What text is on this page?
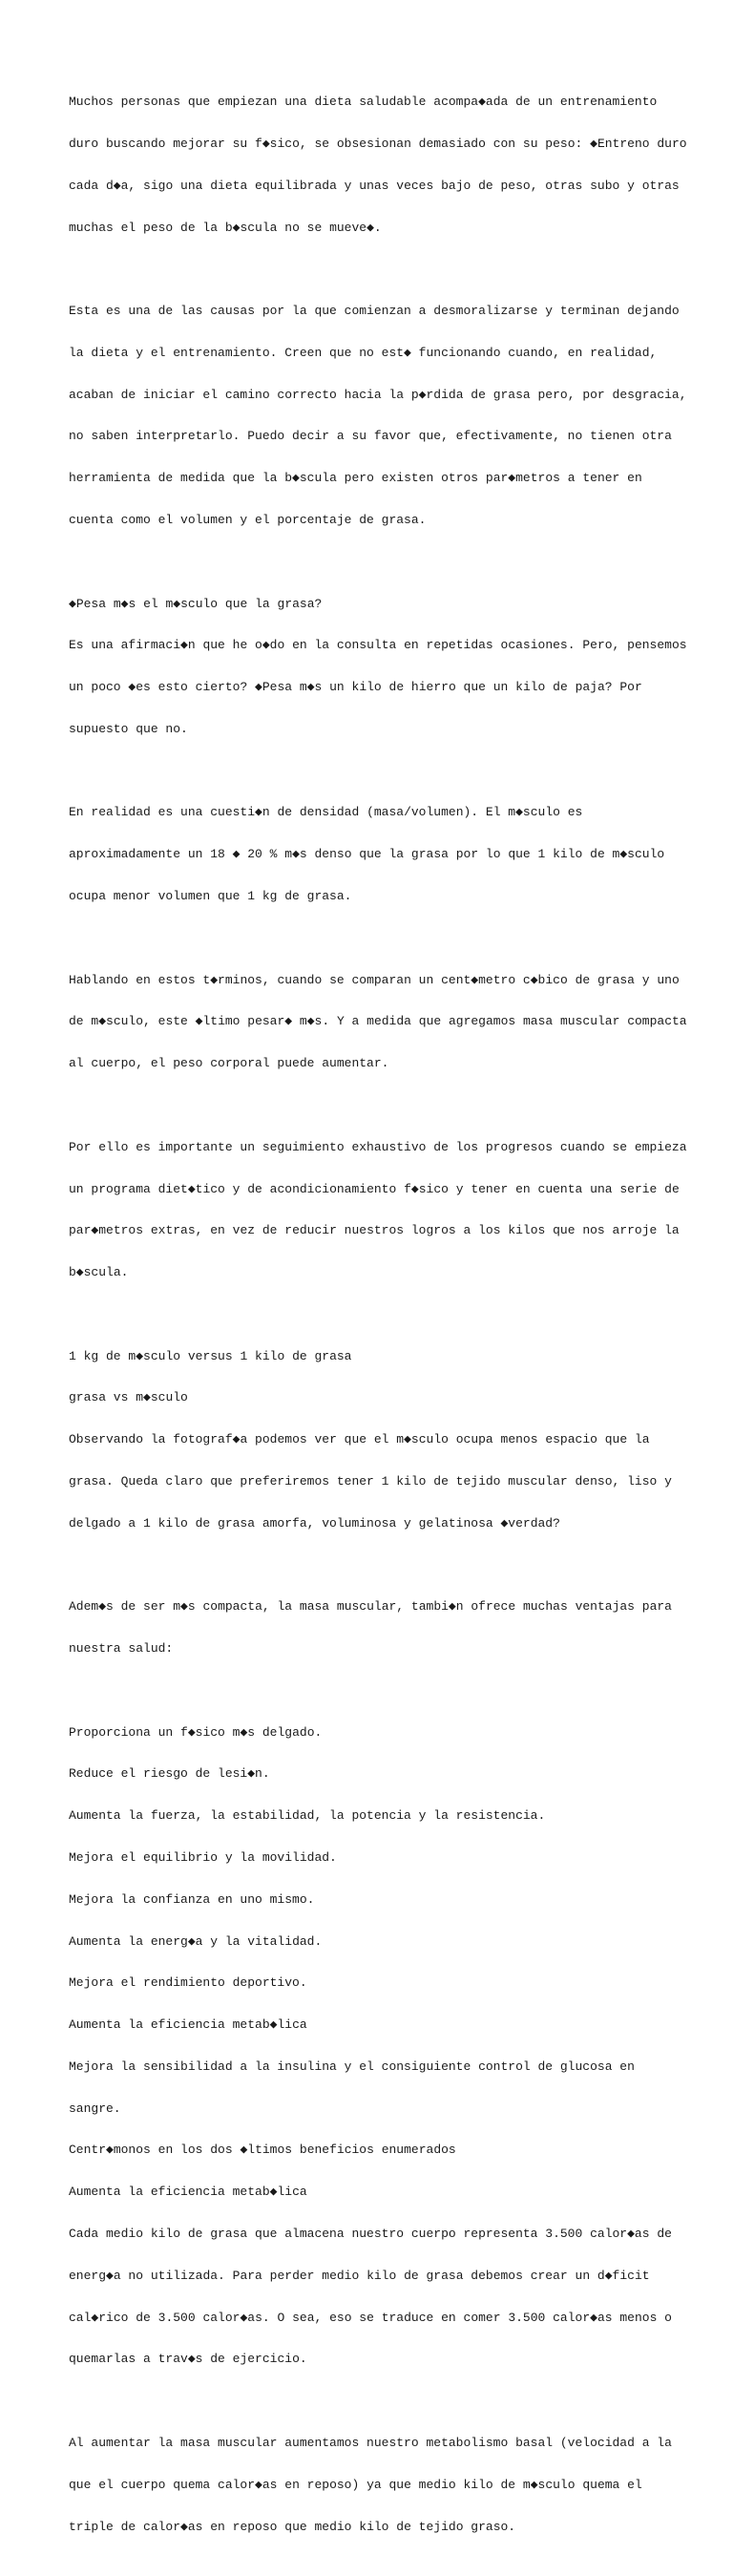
Muchos personas que empiezan una dieta saludable acompa◆ada de un entrenamiento

duro buscando mejorar su f◆sico, se obsesionan demasiado con su peso: ◆Entreno duro

cada d◆a, sigo una dieta equilibrada y unas veces bajo de peso, otras subo y otras

muchas el peso de la b◆scula no se mueve◆.

Esta es una de las causas por la que comienzan a desmoralizarse y terminan dejando

la dieta y el entrenamiento. Creen que no est◆ funcionando cuando, en realidad,

acaban de iniciar el camino correcto hacia la p◆rdida de grasa pero, por desgracia,

no saben interpretarlo. Puedo decir a su favor que, efectivamente, no tienen otra

herramienta de medida que la b◆scula pero existen otros par◆metros a tener en

cuenta como el volumen y el porcentaje de grasa.

◆Pesa m◆s el m◆sculo que la grasa?

Es una afirmaci◆n que he o◆do en la consulta en repetidas ocasiones. Pero, pensemos

un poco ◆es esto cierto? ◆Pesa m◆s un kilo de hierro que un kilo de paja? Por

supuesto que no.

En realidad es una cuesti◆n de densidad (masa/volumen). El m◆sculo es

aproximadamente un 18 ◆ 20 % m◆s denso que la grasa por lo que 1 kilo de m◆sculo

ocupa menor volumen que 1 kg de grasa.

Hablando en estos t◆rminos, cuando se comparan un cent◆metro c◆bico de grasa y uno

de m◆sculo, este ◆ltimo pesar◆ m◆s. Y a medida que agregamos masa muscular compacta

al cuerpo, el peso corporal puede aumentar.

Por ello es importante un seguimiento exhaustivo de los progresos cuando se empieza

un programa diet◆tico y de acondicionamiento f◆sico y tener en cuenta una serie de

par◆metros extras, en vez de reducir nuestros logros a los kilos que nos arroje la

b◆scula.

1 kg de m◆sculo versus 1 kilo de grasa

grasa vs m◆sculo

Observando la fotograf◆a podemos ver que el m◆sculo ocupa menos espacio que la

grasa. Queda claro que preferiremos tener 1 kilo de tejido muscular denso, liso y

delgado a 1 kilo de grasa amorfa, voluminosa y gelatinosa ◆verdad?

Adem◆s de ser m◆s compacta, la masa muscular, tambi◆n ofrece muchas ventajas para

nuestra salud:

Proporciona un f◆sico m◆s delgado.

Reduce el riesgo de lesi◆n.

Aumenta la fuerza, la estabilidad, la potencia y la resistencia.

Mejora el equilibrio y la movilidad.

Mejora la confianza en uno mismo.

Aumenta la energ◆a y la vitalidad.

Mejora el rendimiento deportivo.

Aumenta la eficiencia metab◆lica

Mejora la sensibilidad a la insulina y el consiguiente control de glucosa en

sangre.

Centr◆monos en los dos ◆ltimos beneficios enumerados

Aumenta la eficiencia metab◆lica

Cada medio kilo de grasa que almacena nuestro cuerpo representa 3.500 calor◆as de

energ◆a no utilizada. Para perder medio kilo de grasa debemos crear un d◆ficit

cal◆rico de 3.500 calor◆as. O sea, eso se traduce en comer 3.500 calor◆as menos o

quemarlas a trav◆s de ejercicio.

Al aumentar la masa muscular aumentamos nuestro metabolismo basal (velocidad a la

que el cuerpo quema calor◆as en reposo) ya que medio kilo de m◆sculo quema el

triple de calor◆as en reposo que medio kilo de tejido graso.
